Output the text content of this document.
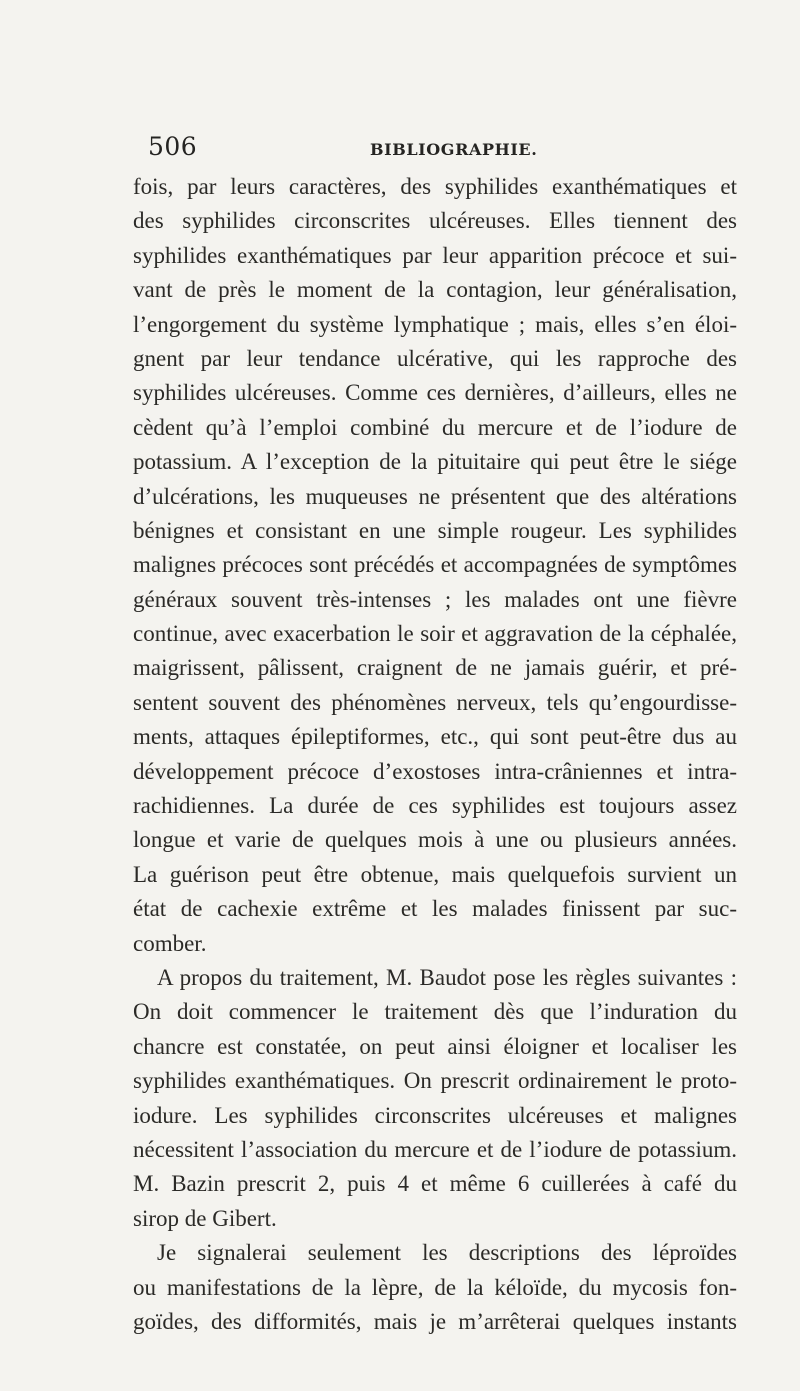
506	BIBLIOGRAPHIE.

fois, par leurs caractères, des syphilides exanthématiques et

des syphilides circonscrites ulcéreuses. Elles tiennent des

syphilides exanthématiques par leur apparition précoce et sui-

vant de près le moment de la contagion, leur généralisation,

l’engorgement du système lymphatique ; mais, elles s’en éloi-

gnent par leur tendance ulcérative, qui les rapproche des

syphilides ulcéreuses. Comme ces dernières, d’ailleurs, elles ne

cèdent qu’à l’emploi combiné du mercure et de l’iodure de

potassium. A l’exception de la pituitaire qui peut être le siége

d’ulcérations, les muqueuses ne présentent que des altérations

bénignes et consistant en une simple rougeur. Les syphilides

malignes précoces sont précédés et accompagnées de symptômes

généraux souvent très-intenses ; les malades ont une fièvre

continue, avec exacerbation le soir et aggravation de la céphalée,

maigrissent, pâlissent, craignent de ne jamais guérir, et pré-

sentent souvent des phénomènes nerveux, tels qu’engourdisse-

ments, attaques épileptiformes, etc., qui sont peut-être dus au

développement précoce d’exostoses intra-crâniennes et intra-

rachidiennes. La durée de ces syphilides est toujours assez

longue et varie de quelques mois à une ou plusieurs années.

La guérison peut être obtenue, mais quelquefois survient un

état de cachexie extrême et les malades finissent par suc-

comber.

A propos du traitement, M. Baudot pose les règles suivantes :

On doit commencer le traitement dès que l’induration du

chancre est constatée, on peut ainsi éloigner et localiser les

syphilides exanthématiques. On prescrit ordinairement le proto-

iodure. Les syphilides circonscrites ulcéreuses et malignes

nécessitent l’association du mercure et de l’iodure de potassium.

M. Bazin prescrit 2, puis 4 et même 6 cuillerées à café du

sirop de Gibert.

Je signalerai seulement les descriptions des léproïdes

ou manifestations de la lèpre, de la kéloïde, du mycosis fon-

goïdes, des difformités, mais je m’arrêterai quelques instants
